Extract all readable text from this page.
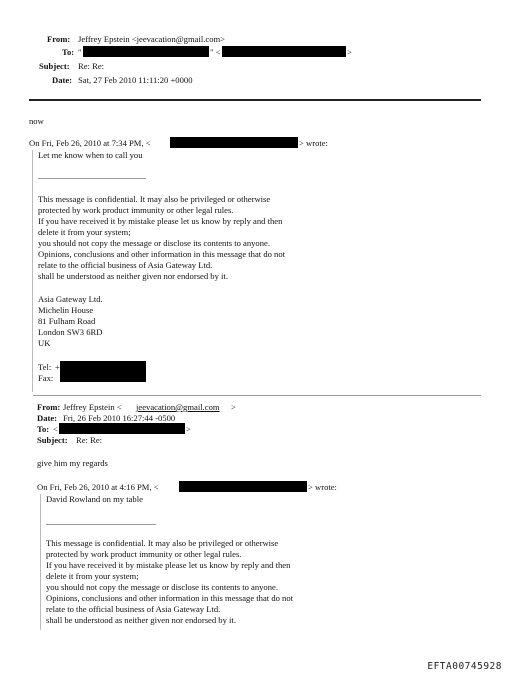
From: Jeffrey Epstein <jeevacation@gmail.com>
To: "	" <	>
Subject: Re: Re:
Date: Sat, 27 Feb 2010 11:11:20 +0000
now
On Fri, Feb 26, 2010 at 7:34 PM, <	> wrote:
Let me know when to call you
This message is confidential. It may also be privileged or otherwise
protected by work product immunity or other legal rules.
If you have received it by mistake please let us know by reply and then
delete it from your system;
you should not copy the message or disclose its contents to anyone.
Opinions, conclusions and other information in this message that do not
relate to the official business of Asia Gateway Ltd.
shall be understood as neither given nor endorsed by it.
Asia Gateway Ltd.
Michelin House
81 Fulham Road
London SW3 6RD
UK
Tel: +
Fax:
From: Jeffrey Epstein < jeevacation@gmail.com >
Date: Fri, 26 Feb 2010 16:27:44 -0500
To: <	>
Subject: Re: Re:
give him my regards
On Fri, Feb 26, 2010 at 4:16 PM, <	> wrote:
David Rowland on my table
This message is confidential. It may also be privileged or otherwise
protected by work product immunity or other legal rules.
If you have received it by mistake please let us know by reply and then
delete it from your system;
you should not copy the message or disclose its contents to anyone.
Opinions, conclusions and other information in this message that do not
relate to the official business of Asia Gateway Ltd.
shall be understood as neither given nor endorsed by it.
EFTA00745928
